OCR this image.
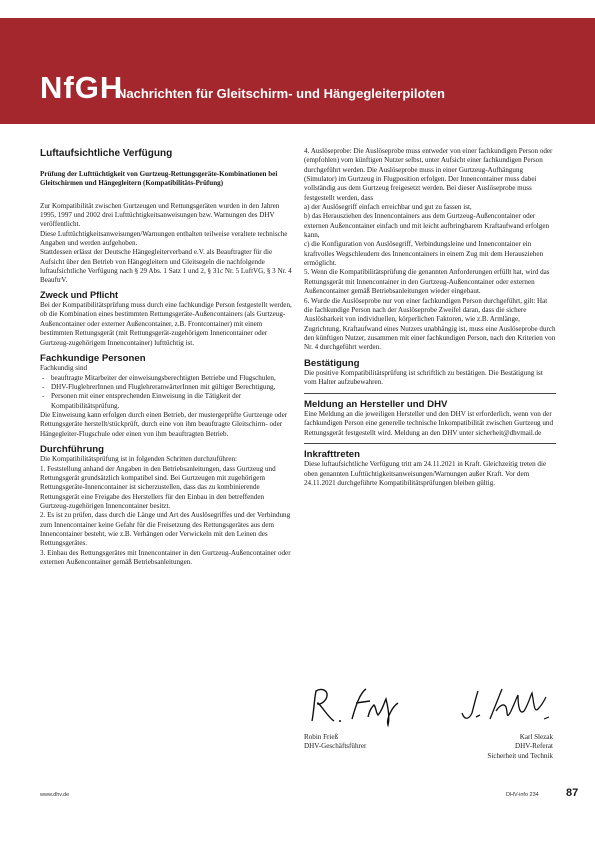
NfGH
Nachrichten für Gleitschirm- und Hängegleiterpiloten
Luftaufsichtliche Verfügung

Prüfung der Lufttüchtigkeit von Gurtzeug-Rettungsgeräte-Kombinationen bei Gleitschirmen und Hängegleitern (Kompatibilitäts-Prüfung)

Zur Kompatibilität zwischen Gurtzeugen und Rettungsgeräten wurden in den Jahren 1995, 1997 und 2002 drei Lufttüchtigkeitsanweisungen bzw. Warnungen des DHV veröffentlicht.

Diese Lufttüchtigkeitsanweisungen/Warnungen enthalten teilweise veraltete technische Angaben und werden aufgehoben.

Stattdessen erlässt der Deutsche Hängegleiterverband e.V. als Beauftragter für die Aufsicht über den Betrieb von Hängegleitern und Gleitsegeln die nachfolgende luftaufsichtliche Verfügung nach § 29 Abs. 1 Satz 1 und 2, § 31c Nr. 5 LuftVG, § 3 Nr. 4 BeauftrV.

Zweck und Pflicht

Bei der Kompatibilitätsprüfung muss durch eine fachkundige Person festgestellt werden, ob die Kombination eines bestimmten Rettungsgeräte-Außencontainers (als Gurtzeug-Außencontainer oder externer Außencontainer, z.B. Frontcontainer) mit einem bestimmten Rettungsgerät (mit Rettungsgerät-zugehörigem Innencontainer oder Gurtzeug-zugehörigem Innencontainer) lufttüchtig ist.

Fachkundige Personen

Fachkundig sind

- beauftragte Mitarbeiter der einweisungsberechtigten Betriebe und Flugschulen,
- DHV-FluglehrerInnen und FluglehreranwärterInnen mit gültiger Berechtigung,
- Personen mit einer entsprechenden Einweisung in die Tätigkeit der Kompatibilitätsprüfung.

Die Einweisung kann erfolgen durch einen Betrieb, der mustergeprüfte Gurtzeuge oder Rettungsgeräte herstellt/stückprüft, durch eine von ihm beauftragte Gleitschirm- oder Hängegleiter-Flugschule oder einen von ihm beauftragten Betrieb.

Durchführung

Die Kompatibilitätsprüfung ist in folgenden Schritten durchzuführen:

1. Feststellung anhand der Angaben in den Betriebsanleitungen, dass Gurtzeug und Rettungsgerät grundsätzlich kompatibel sind. Bei Gurtzeugen mit zugehörigem Rettungsgeräte-Innencontainer ist sicherzustellen, dass das zu kombinierende Rettungsgerät eine Freigabe des Herstellers für den Einbau in den betreffenden Gurtzeug-zugehörigen Innencontainer besitzt.

2. Es ist zu prüfen, dass durch die Länge und Art des Auslösegriffes und der Verbindung zum Innencontainer keine Gefahr für die Freisetzung des Rettungsgerätes aus dem Innencontainer besteht, wie z.B. Verhängen oder Verwickeln mit den Leinen des Rettungsgerätes.

3. Einbau des Rettungsgerätes mit Innencontainer in den Gurtzeug-Außencontainer oder externen Außencontainer gemäß Betriebsanleitungen.

4. Auslöseprobe: Die Auslöseprobe muss entweder von einer fachkundigen Person oder (empfohlen) vom künftigen Nutzer selbst, unter Aufsicht einer fachkundigen Person durchgeführt werden. Die Auslöseprobe muss in einer Gurtzeug-Aufhängung (Simulator) im Gurtzeug in Flugposition erfolgen. Der Innencontainer muss dabei vollständig aus dem Gurtzeug freigesetzt werden. Bei dieser Auslöseprobe muss festgestellt werden, dass

a) der Auslösegriff einfach erreichbar und gut zu fassen ist,

b) das Herausziehen des Innencontainers aus dem Gurtzeug-Außencontainer oder externen Außencontainer einfach und mit leicht aufbringbarem Kraftaufwand erfolgen kann,

c) die Konfiguration von Auslösegriff, Verbindungsleine und Innencontainer ein kraftvolles Wegschleudern des Innencontainers in einem Zug mit dem Herausziehen ermöglicht.

5. Wenn die Kompatibilitätsprüfung die genannten Anforderungen erfüllt hat, wird das Rettungsgerät mit Innencontainer in den Gurtzeug-Außencontainer oder externen Außencontainer gemäß Betriebsanleitungen wieder eingebaut.

6. Wurde die Auslöseprobe nur von einer fachkundigen Person durchgeführt, gilt: Hat die fachkundige Person nach der Auslöseprobe Zweifel daran, dass die sichere Auslösbarkeit von individuellen, körperlichen Faktoren, wie z.B. Armlänge, Zugrichtung, Kraftaufwand eines Nutzers unabhängig ist, muss eine Auslöseprobe durch den künftigen Nutzer, zusammen mit einer fachkundigen Person, nach den Kriterien von Nr. 4 durchgeführt werden.

Bestätigung

Die positive Kompatibilitätsprüfung ist schriftlich zu bestätigen. Die Bestätigung ist vom Halter aufzubewahren.

Meldung an Hersteller und DHV

Eine Meldung an die jeweiligen Hersteller und den DHV ist erforderlich, wenn von der fachkundigen Person eine generelle technische Inkompatibilität zwischen Gurtzeug und Rettungsgerät festgestellt wird. Meldung an den DHV unter sicherheit@dhvmail.de

Inkrafttreten

Diese luftaufsichtliche Verfügung tritt am 24.11.2021 in Kraft. Gleichzeitig treten die oben genannten Lufttüchtigkeitsanweisungen/Warnungen außer Kraft. Vor dem 24.11.2021 durchgeführte Kompatibilitätsprüfungen bleiben gültig.

Robin Frieß
DHV-Geschäftsführer
Karl Slezak
DHV-Referat
Sicherheit und Technik
www.dhv.de	DHV-info 234 87
